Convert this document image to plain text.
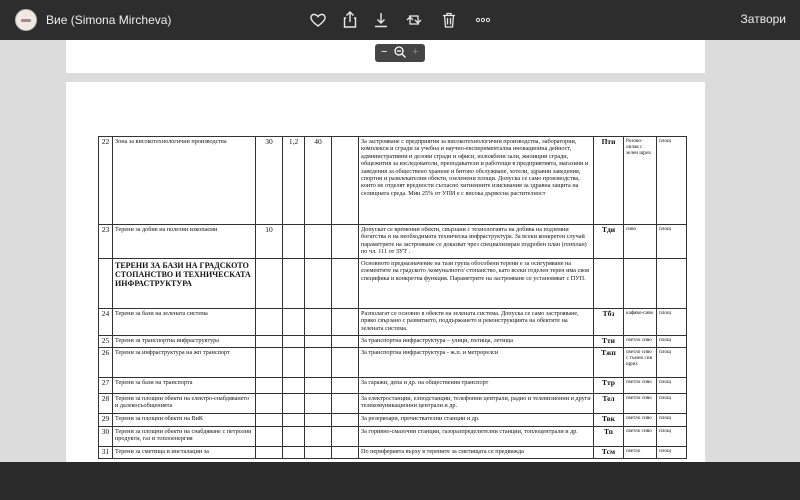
Вие (Simona Mircheva)	Затвори
− +
22	Зона за високотехнологични производства	30	1,2	40		За застрояване с предприятия за високотехнологични производства, лаборатории, комплекси и сгради за учебна и научно-експериментална иновационна дейност, административни и делови сгради и офиси, изложбени зали, жилищни сгради, общежития за изследователи, преподаватели и работещи в предприятията, магазини и заведения за обществено хранене и битово обслужване, хотели, здравни заведения, спортни и развлекателни обекти, озеленени площи. Допуска се само производства, които не отделят вредности съгласно хигиенните изисквания за здравна защита на селищната среда. Мин 25% от УПИ е с висока дървесна растителност	Пти	Розово-лилав с зелен щрих	площ
23	Терени за добив на полезни изкопаеми	10				Допускат се временни обекти, свързани с технологията на добива на подземни богатства и на необходимата техническа инфраструктура. За всеки конкретен случай параметрите на застрояване се доказват чрез специализиран подробен план (генплан) по чл. 111 от ЗУТ .	Тди	сиво	площ
	ТЕРЕНИ ЗА БАЗИ НА ГРАДСКОТО СТОПАНСТВО И ТЕХНИЧЕСКАТА ИНФРАСТРУКТУРА					Основното предназначение на тази група обособени терени е за осигуряване на елементите на градското /комуналното/ стопанство, като всеки отделен терен има своя специфика и конкретна функция. Параметрите на застрояване се установяват с ПУП.			
24	Терени за бази на зелената система					Разполагат се основно в обекти на зелената система. Допуска се само застрояване, пряко свързано с развитието, поддържането и реконструкцията на обектите на зелената система.	Тбз	кафяво-сиво	площ
25	Терени за транспортна инфраструктура					За транспортна инфраструктура – улици, пътища, летища	Тти	светло сиво	площ
26	Терени за инфраструктура на жп транспорт					За транспортна инфраструктура - ж.п. и метрорелси	Тжп	светло сиво с тъмно сив щрих	площ
27	Терени за бази на транспорта					За гаражи, депа и др. на обществения транспорт	Ттр	светло сиво	площ
28	Терени за площни обекти на електро-снабдяването и далекосъобщенията					За електростанции, елподстанции, телефонни централи, радио и телевизионни и други телекомуникационни централи и др.	Тел	светло сиво	площ
29	Терени за площни обекти на ВиК					За резервоари, пречиствателни станции и др.	Твк	светло сиво	площ
30	Терени за площни обекти на снабдяване с петролни продукти, газ и топлоенергия					За горивно-смазочни станции, газоразпределителни станции, топлоцентрали и др.	Тп	светло сиво	площ
31	Терени за сметища и инсталации за					По периферията върху в терените за сметищата се предвижда	Тсм	светло	площ
